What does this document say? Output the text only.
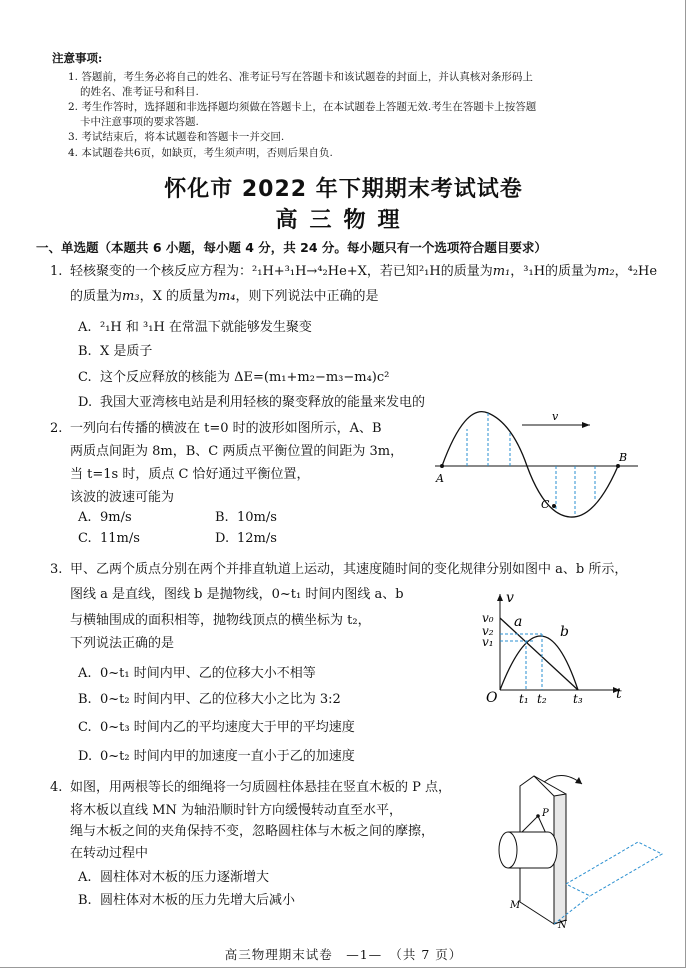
注意事项:
1. 答题前，考生务必将自己的姓名、准考证号写在答题卡和该试题卷的封面上，并认真核对条形码上
的姓名、准考证号和科目.
2. 考生作答时，选择题和非选择题均须做在答题卡上，在本试题卷上答题无效.考生在答题卡上按答题
卡中注意事项的要求答题.
3. 考试结束后，将本试题卷和答题卡一并交回.
4. 本试题卷共6页，如缺页，考生须声明，否则后果自负.
怀化市 2022 年下期期末考试试卷
高三物理
一、单选题（本题共 6 小题，每小题 4 分，共 24 分。每小题只有一个选项符合题目要求）
1. 轻核聚变的一个核反应方程为：²₁H+³₁H→⁴₂He+X，若已知²₁H的质量为m₁，³₁H的质量为m₂，⁴₂He
的质量为m₃，X 的质量为m₄，则下列说法中正确的是
A. ²₁H 和 ³₁H 在常温下就能够发生聚变
B. X 是质子
C. 这个反应释放的核能为 ΔE=(m₁+m₂−m₃−m₄)c²
D. 我国大亚湾核电站是利用轻核的聚变释放的能量来发电的
2. 一列向右传播的横波在 t=0 时的波形如图所示，A、B
两质点间距为 8m，B、C 两质点平衡位置的间距为 3m，
当 t=1s 时，质点 C 恰好通过平衡位置，
该波的波速可能为
A. 9m/s	B. 10m/s
C. 11m/s	D. 12m/s
v
A
B
C
3. 甲、乙两个质点分别在两个并排直轨道上运动，其速度随时间的变化规律分别如图中 a、b 所示，
图线 a 是直线，图线 b 是抛物线，0~t₁ 时间内图线 a、b
与横轴围成的面积相等，抛物线顶点的横坐标为 t₂，
下列说法正确的是
A. 0~t₁ 时间内甲、乙的位移大小不相等
B. 0~t₂ 时间内甲、乙的位移大小之比为 3:2
C. 0~t₃ 时间内乙的平均速度大于甲的平均速度
D. 0~t₂ 时间内甲的加速度一直小于乙的加速度
v₀
v₂
v₁
v
a
b
O t₁ t₂ t₃ t
4. 如图，用两根等长的细绳将一匀质圆柱体悬挂在竖直木板的 P 点，
将木板以直线 MN 为轴沿顺时针方向缓慢转动直至水平，
绳与木板之间的夹角保持不变，忽略圆柱体与木板之间的摩擦，
在转动过程中
A. 圆柱体对木板的压力逐渐增大
B. 圆柱体对木板的压力先增大后减小
P
M
N
高三物理期末试卷　—1—　（共 7 页）
